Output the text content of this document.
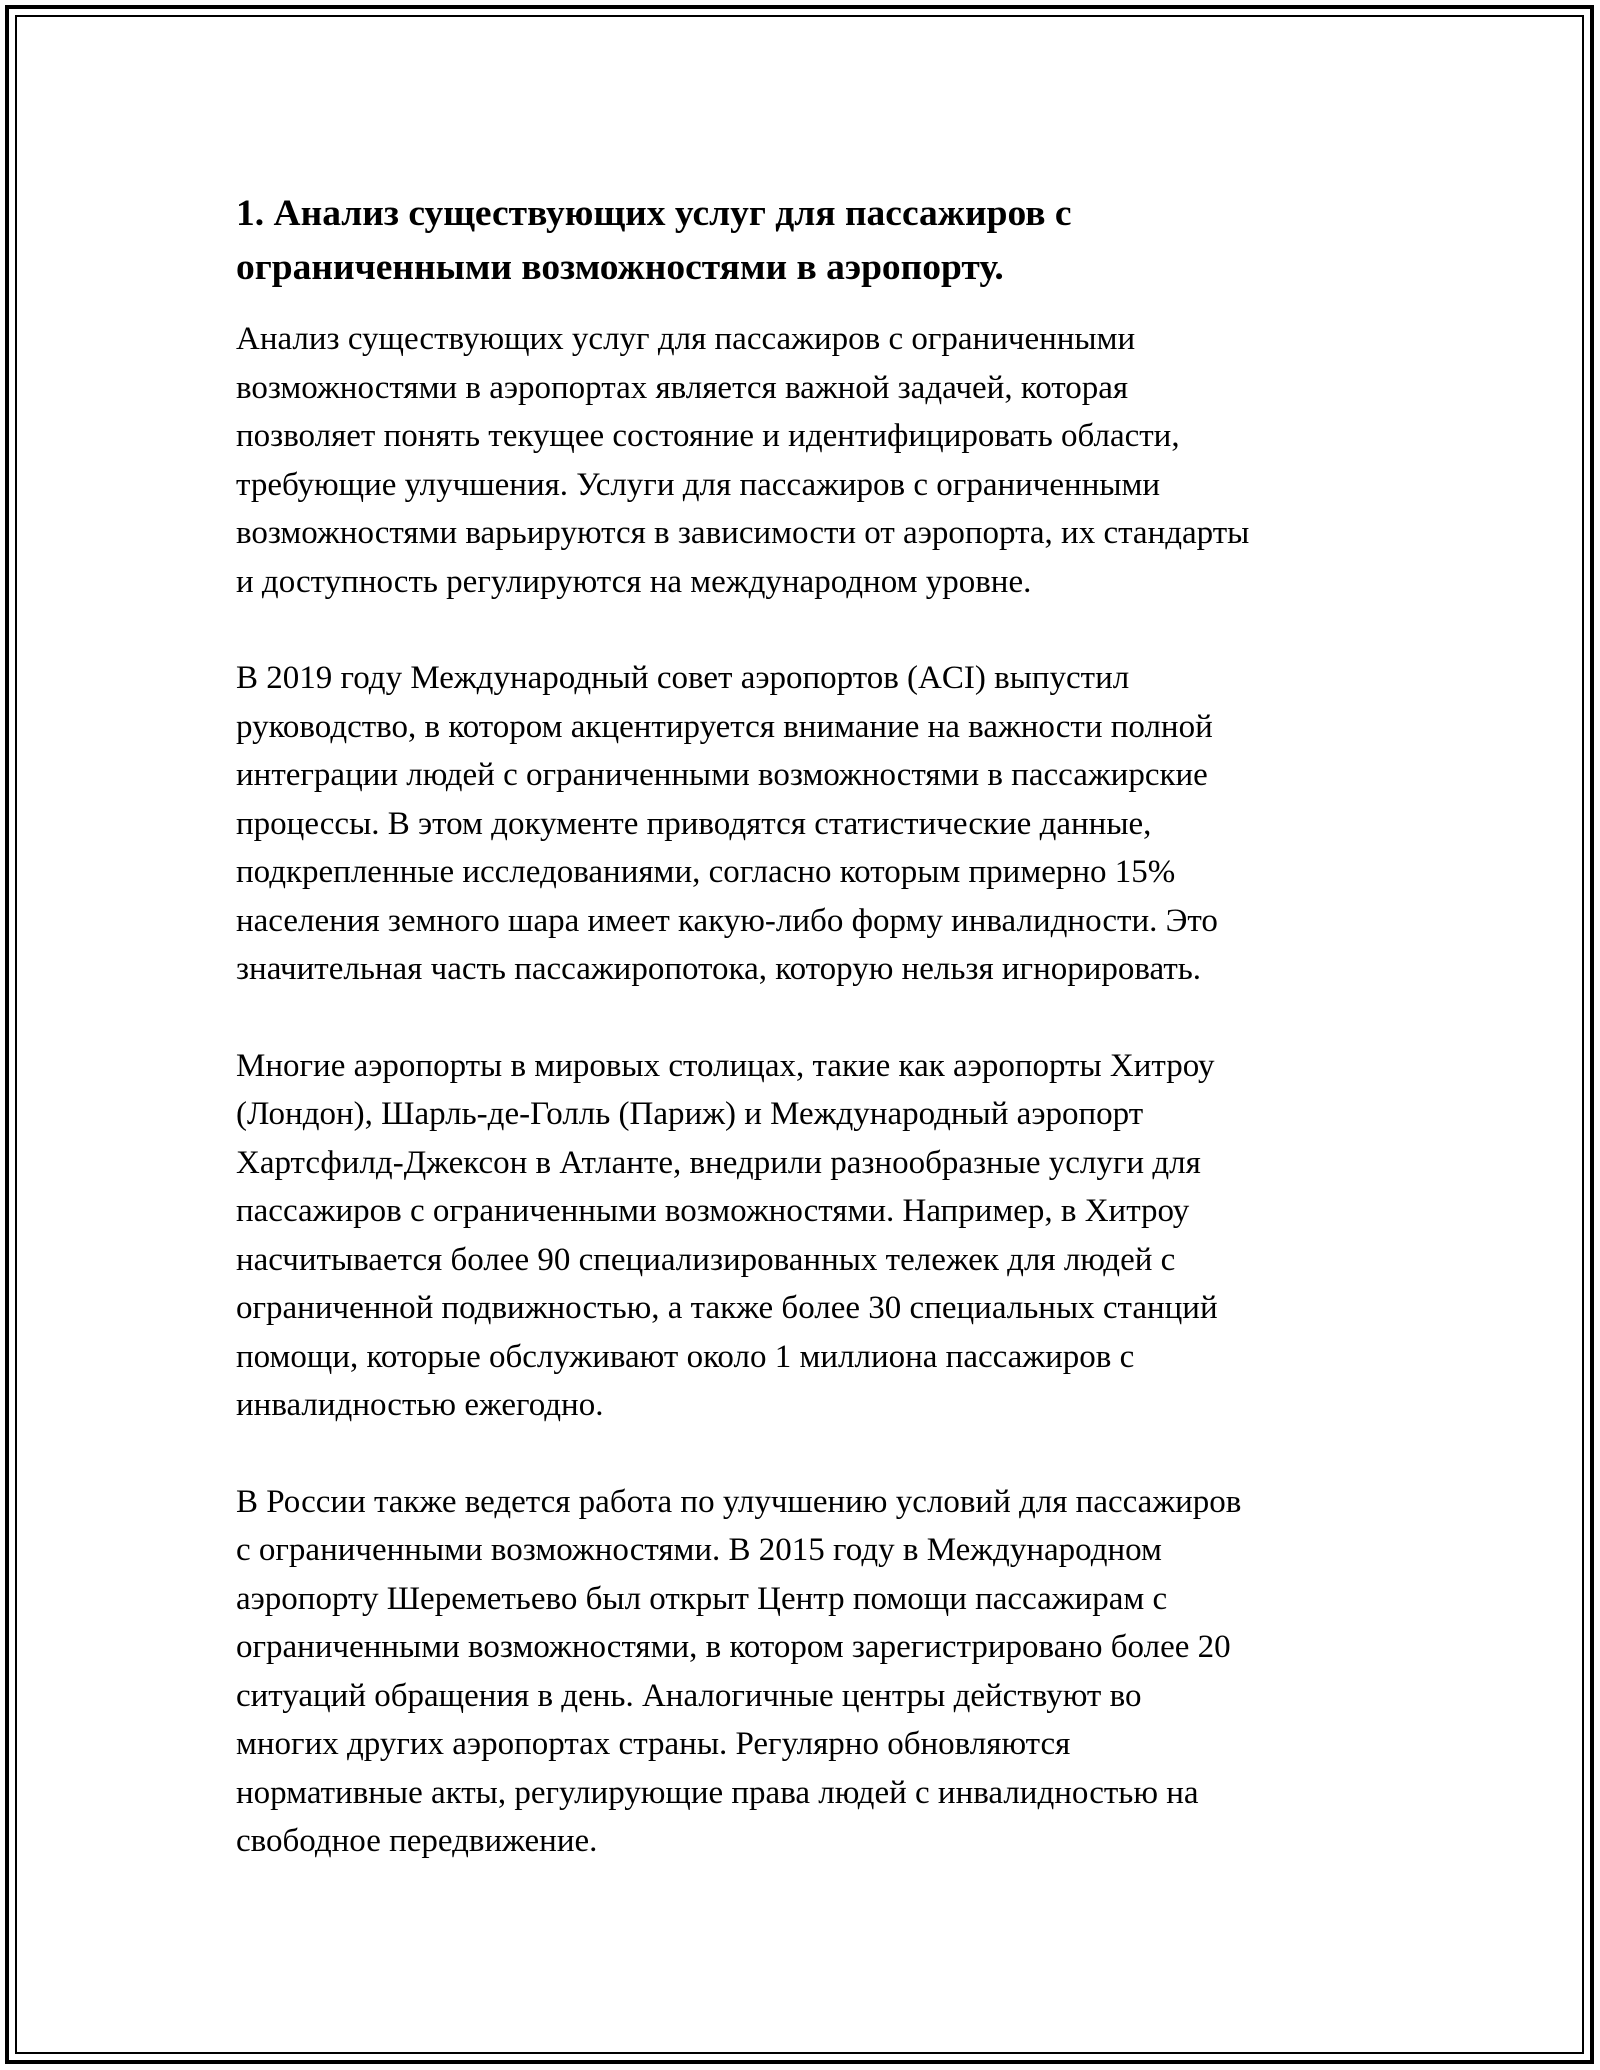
1. Анализ существующих услуг для пассажиров с
ограниченными возможностями в аэропорту.

Анализ существующих услуг для пассажиров с ограниченными
возможностями в аэропортах является важной задачей, которая
позволяет понять текущее состояние и идентифицировать области,
требующие улучшения. Услуги для пассажиров с ограниченными
возможностями варьируются в зависимости от аэропорта, их стандарты
и доступность регулируются на международном уровне.

В 2019 году Международный совет аэропортов (ACI) выпустил
руководство, в котором акцентируется внимание на важности полной
интеграции людей с ограниченными возможностями в пассажирские
процессы. В этом документе приводятся статистические данные,
подкрепленные исследованиями, согласно которым примерно 15%
населения земного шара имеет какую-либо форму инвалидности. Это
значительная часть пассажиропотока, которую нельзя игнорировать.

Многие аэропорты в мировых столицах, такие как аэропорты Хитроу
(Лондон), Шарль-де-Голль (Париж) и Международный аэропорт
Хартсфилд-Джексон в Атланте, внедрили разнообразные услуги для
пассажиров с ограниченными возможностями. Например, в Хитроу
насчитывается более 90 специализированных тележек для людей с
ограниченной подвижностью, а также более 30 специальных станций
помощи, которые обслуживают около 1 миллиона пассажиров с
инвалидностью ежегодно.

В России также ведется работа по улучшению условий для пассажиров
с ограниченными возможностями. В 2015 году в Международном
аэропорту Шереметьево был открыт Центр помощи пассажирам с
ограниченными возможностями, в котором зарегистрировано более 20
ситуаций обращения в день. Аналогичные центры действуют во
многих других аэропортах страны. Регулярно обновляются
нормативные акты, регулирующие права людей с инвалидностью на
свободное передвижение.
